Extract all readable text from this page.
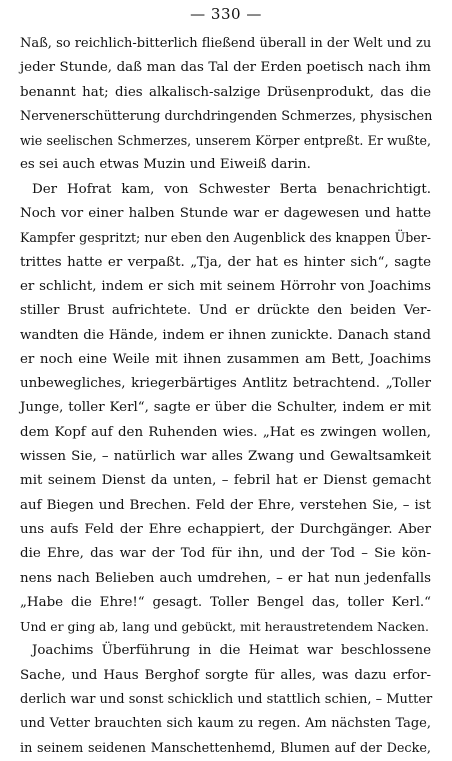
— 330 —
Naß, so reichlich-bitterlich fließend überall in der Welt und zu
jeder Stunde, daß man das Tal der Erden poetisch nach ihm
benannt hat; dies alkalisch-salzige Drüsenprodukt, das die
Nervenerschütterung durchdringenden Schmerzes, physischen
wie seelischen Schmerzes, unserem Körper entpreßt. Er wußte,
es sei auch etwas Muzin und Eiweiß darin.
Der Hofrat kam, von Schwester Berta benachrichtigt.
Noch vor einer halben Stunde war er dagewesen und hatte
Kampfer gespritzt; nur eben den Augenblick des knappen Über-
trittes hatte er verpaßt. „Tja, der hat es hinter sich“, sagte
er schlicht, indem er sich mit seinem Hörrohr von Joachims
stiller Brust aufrichtete. Und er drückte den beiden Ver-
wandten die Hände, indem er ihnen zunickte. Danach stand
er noch eine Weile mit ihnen zusammen am Bett, Joachims
unbewegliches, kriegerbärtiges Antlitz betrachtend. „Toller
Junge, toller Kerl“, sagte er über die Schulter, indem er mit
dem Kopf auf den Ruhenden wies. „Hat es zwingen wollen,
wissen Sie, – natürlich war alles Zwang und Gewaltsamkeit
mit seinem Dienst da unten, – febril hat er Dienst gemacht
auf Biegen und Brechen. Feld der Ehre, verstehen Sie, – ist
uns aufs Feld der Ehre echappiert, der Durchgänger. Aber
die Ehre, das war der Tod für ihn, und der Tod – Sie kön-
nens nach Belieben auch umdrehen, – er hat nun jedenfalls
„Habe die Ehre!“ gesagt. Toller Bengel das, toller Kerl.“
Und er ging ab, lang und gebückt, mit heraustretendem Nacken.
Joachims Überführung in die Heimat war beschlossene
Sache, und Haus Berghof sorgte für alles, was dazu erfor-
derlich war und sonst schicklich und stattlich schien, – Mutter
und Vetter brauchten sich kaum zu regen. Am nächsten Tage,
in seinem seidenen Manschettenhemd, Blumen auf der Decke,
